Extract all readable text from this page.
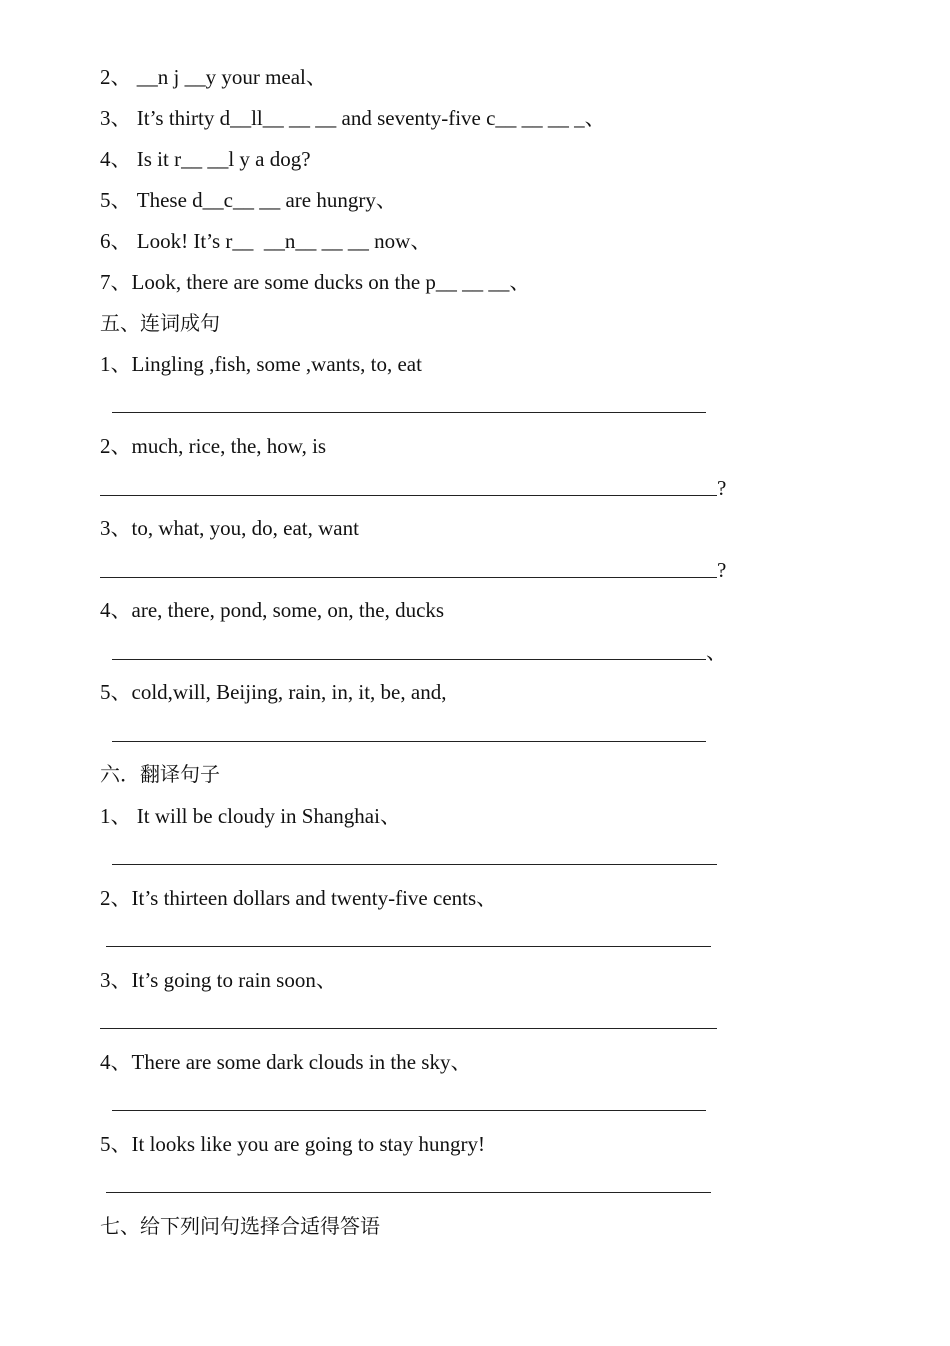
2、 __n j __y your meal、
3、 It’s thirty d__ll__ __ __ and seventy-five c__ __ __ _、
4、 Is it r__ __l y a dog?
5、 These d__c__ __ are hungry、
6、 Look! It’s r__  __n__ __ __ now、
7、Look, there are some ducks on the p__ __ __、
五、连词成句
1、Lingling ,fish, some ,wants, to, eat
2、much, rice, the, how, is
?
3、to, what, you, do, eat, want
?
4、are, there, pond, some, on, the, ducks
、
5、cold,will, Beijing, rain, in, it, be, and,
六．翻译句子
1、 It will be cloudy in Shanghai、
2、It’s thirteen dollars and twenty-five cents、
3、It’s going to rain soon、
4、There are some dark clouds in the sky、
5、It looks like you are going to stay hungry!
七、给下列问句选择合适得答语
